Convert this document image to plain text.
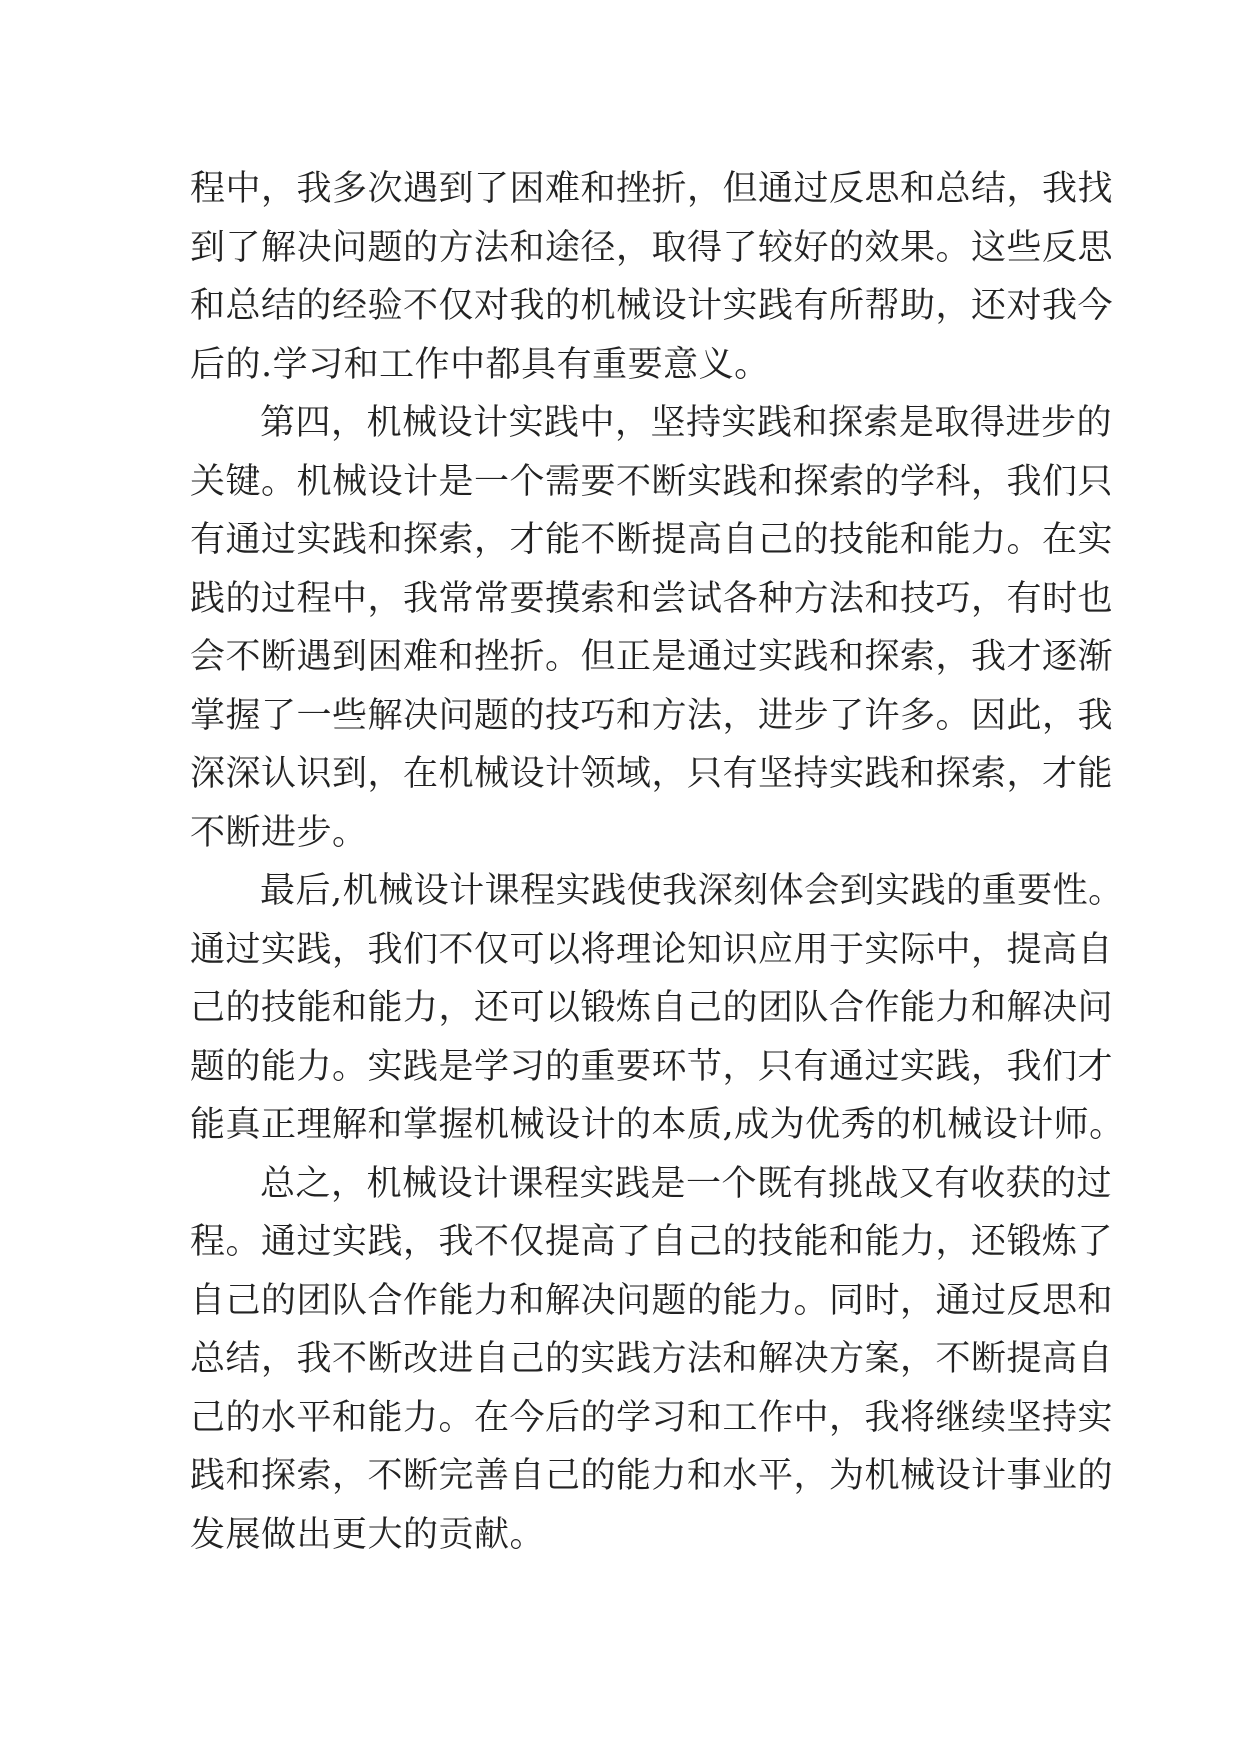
程中，我多次遇到了困难和挫折，但通过反思和总结，我找
到了解决问题的方法和途径，取得了较好的效果。这些反思
和总结的经验不仅对我的机械设计实践有所帮助，还对我今
后的.学习和工作中都具有重要意义。
第四，机械设计实践中，坚持实践和探索是取得进步的
关键。机械设计是一个需要不断实践和探索的学科，我们只
有通过实践和探索，才能不断提高自己的技能和能力。在实
践的过程中，我常常要摸索和尝试各种方法和技巧，有时也
会不断遇到困难和挫折。但正是通过实践和探索，我才逐渐
掌握了一些解决问题的技巧和方法，进步了许多。因此，我
深深认识到，在机械设计领域，只有坚持实践和探索，才能
不断进步。
最后,机械设计课程实践使我深刻体会到实践的重要性。
通过实践，我们不仅可以将理论知识应用于实际中，提高自
己的技能和能力，还可以锻炼自己的团队合作能力和解决问
题的能力。实践是学习的重要环节，只有通过实践，我们才
能真正理解和掌握机械设计的本质,成为优秀的机械设计师。
总之，机械设计课程实践是一个既有挑战又有收获的过
程。通过实践，我不仅提高了自己的技能和能力，还锻炼了
自己的团队合作能力和解决问题的能力。同时，通过反思和
总结，我不断改进自己的实践方法和解决方案，不断提高自
己的水平和能力。在今后的学习和工作中，我将继续坚持实
践和探索，不断完善自己的能力和水平，为机械设计事业的
发展做出更大的贡献。
